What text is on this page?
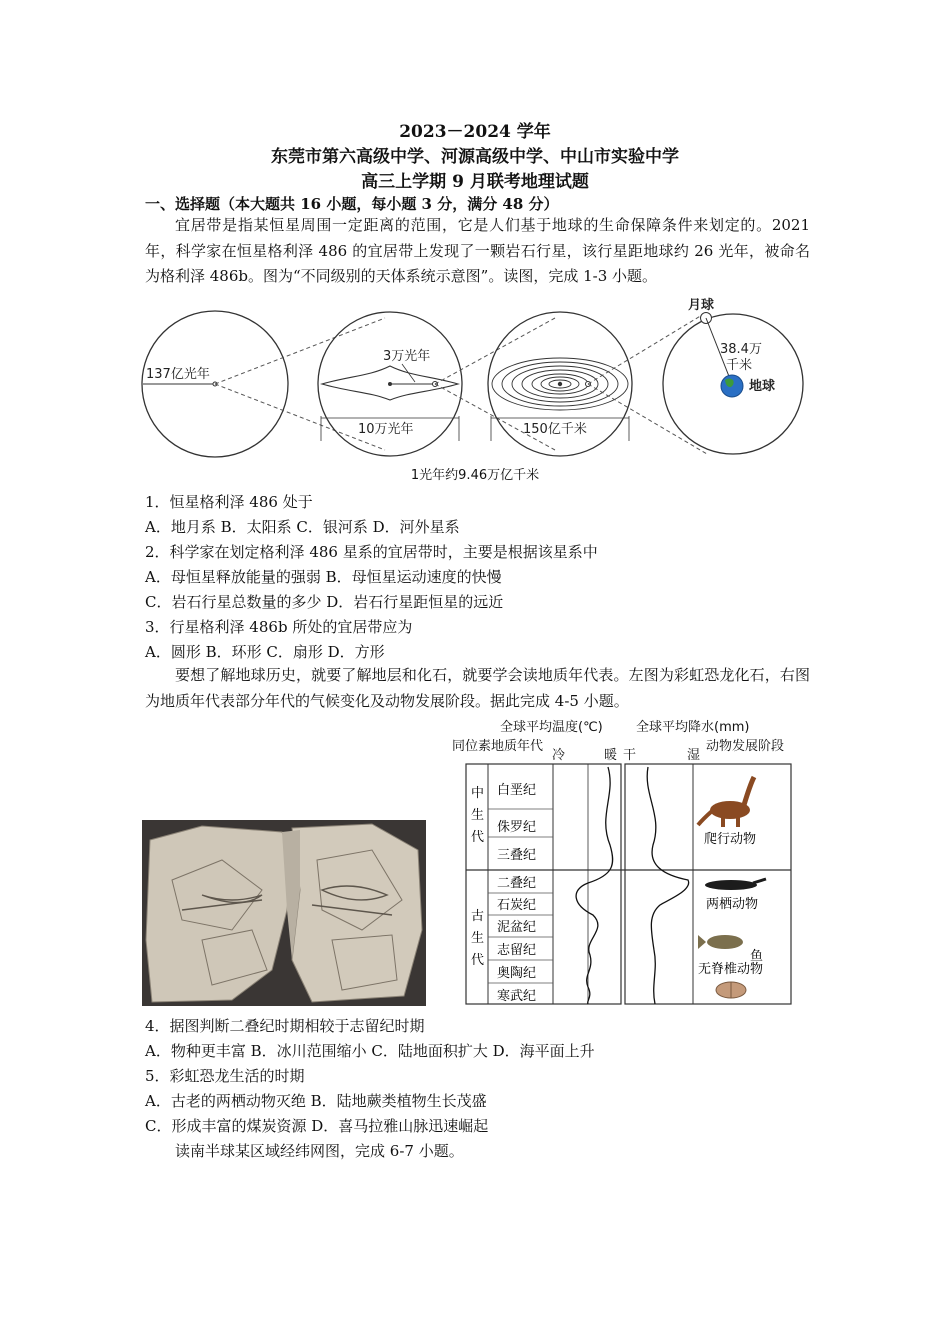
2023－2024 学年
东莞市第六高级中学、河源高级中学、中山市实验中学
高三上学期 9 月联考地理试题
一、选择题（本大题共 16 小题，每小题 3 分，满分 48 分）
宜居带是指某恒星周围一定距离的范围，它是人们基于地球的生命保障条件来划定的。2021 年，科学家在恒星格利泽 486 的宜居带上发现了一颗岩石行星，该行星距地球约 26 光年，被命名为格利泽 486b。图为“不同级别的天体系统示意图”。读图，完成 1-3 小题。
137亿光年
3万光年
10万光年	150亿千米
月球
38.4万
千米
地球
1光年约9.46万亿千米
1．恒星格利泽 486 处于
A．地月系 B．太阳系 C．银河系 D．河外星系
2．科学家在划定格利泽 486 星系的宜居带时，主要是根据该星系中
A．母恒星释放能量的强弱 B．母恒星运动速度的快慢
C．岩石行星总数量的多少 D．岩石行星距恒星的远近
3．行星格利泽 486b 所处的宜居带应为
A．圆形 B．环形 C．扇形 D．方形
要想了解地球历史，就要了解地层和化石，就要学会读地质年代表。左图为彩虹恐龙化石，右图为地质年代表部分年代的气候变化及动物发展阶段。据此完成 4-5 小题。
全球平均温度(℃)	全球平均降水(mm)
同位素地质年代
冷	暖 干	湿
动物发展阶段
中
生
代
古
生
代
白垩纪
侏罗纪
三叠纪
二叠纪
石炭纪
泥盆纪
志留纪
奥陶纪
寒武纪
爬行动物
两栖动物
鱼
无脊椎动物
4．据图判断二叠纪时期相较于志留纪时期
A．物种更丰富 B．冰川范围缩小 C．陆地面积扩大 D．海平面上升
5．彩虹恐龙生活的时期
A．古老的两栖动物灭绝 B．陆地蕨类植物生长茂盛
C．形成丰富的煤炭资源 D．喜马拉雅山脉迅速崛起
读南半球某区域经纬网图，完成 6-7 小题。
